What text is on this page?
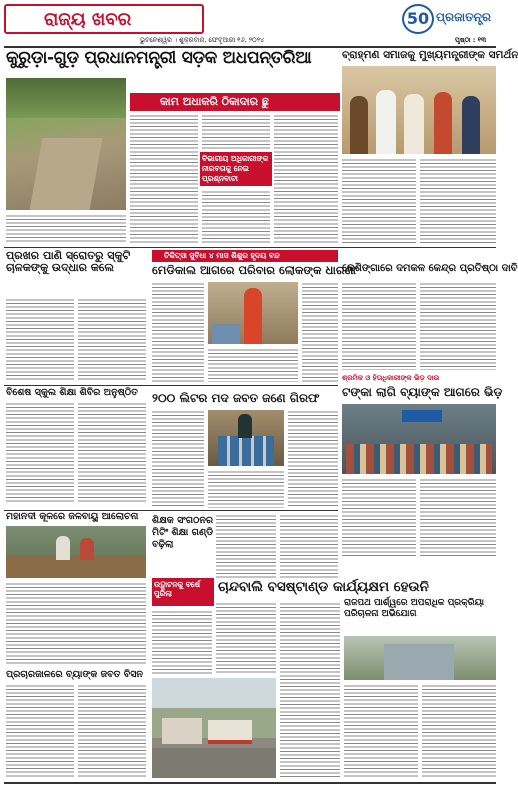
ରାଜ୍ୟ ଖବର
ଭୁବନେଶ୍ୱର । ଶୁକ୍ରବାର, ଫେବୃଆରୀ ୧୬, ୨୦୨୪
50 ପ୍ରଜାତନ୍ତ୍ର
ପୃଷ୍ଠା : ୧୩
କୁରୁଡ଼ା-ଗୁଡ଼ ପ୍ରଧାନମନ୍ତ୍ରୀ ସଡ଼କ ଅଧପନ୍ତରିଆ
କାମ ଅଧାକରି ଠିକାଦାର ଛୁ
ବିଭାଗୀୟ ଅଧିକାରୀଙ୍କ ନୀରବତାକୁ ନେଇ ପ୍ରଶ୍ନବାଚୀ
ବ୍ରାହ୍ମଣ ସମାଜକୁ ମୁଖ୍ୟମନ୍ତ୍ରୀଙ୍କ ସମର୍ଥନ
ପ୍ରଖର ପାଣି ସ୍ରୋତରୁ ସ୍କୁଟି ଚାଳକଙ୍କୁ ଉଦ୍ଧାର କଲେ
ଚିକିତ୍ସା ସୁବିଧା ୪ ମାସ ଶିଶୁର ହୃଦୟ ବନ୍ଦ
ମେଡିକାଲ ଆଗରେ ପରିବାର ଲୋକଙ୍କ ଧାରଣା
କେଶିଙ୍ଗାରେ ଦମକଳ କେନ୍ଦ୍ର ପ୍ରତିଷ୍ଠା ଦାବି
ଶ୍ରମିକ ଓ ହିତାଧିକାରୀଙ୍କ ଭିଡ଼ ଦାଉ
ଟଙ୍କା ଲାଗି ବ୍ୟାଙ୍କ ଆଗରେ ଭିଡ଼
ବିଶେଷ ସ୍କୁଲ ଶିକ୍ଷା ଶିବିର ଅନୁଷ୍ଠିତ	୨୦୦ ଲିଟର ମଦ ଜବତ ଜଣେ ଗିରଫ
ମହାନଦୀ କୂଳରେ ଜଳବାୟୁ ଆଲୋଚନା	ଶିକ୍ଷକ ସଂଗଠନର ମିଟିଂ ଶିକ୍ଷା ଗଣ୍ଡି ବଢ଼ିଲା
ଉଦ୍ଘାଟନକୁ ବର୍ଷେ ପୁରିଲା	ଚାନ୍ଦବାଲି ବସଷ୍ଟାଣ୍ଡ କାର୍ଯ୍ୟକ୍ଷମ ହେଉନି
ରାଜପଥ ପାର୍ଶ୍ୱରେ ଅପରାଧିକ ପ୍ରକ୍ରିୟା ପରିଚାଳନା ଅଭିଯୋଗ
ପ୍ରଚାରଜାଳରେ ବ୍ୟାଙ୍କ ଜବତ ବିସନ
